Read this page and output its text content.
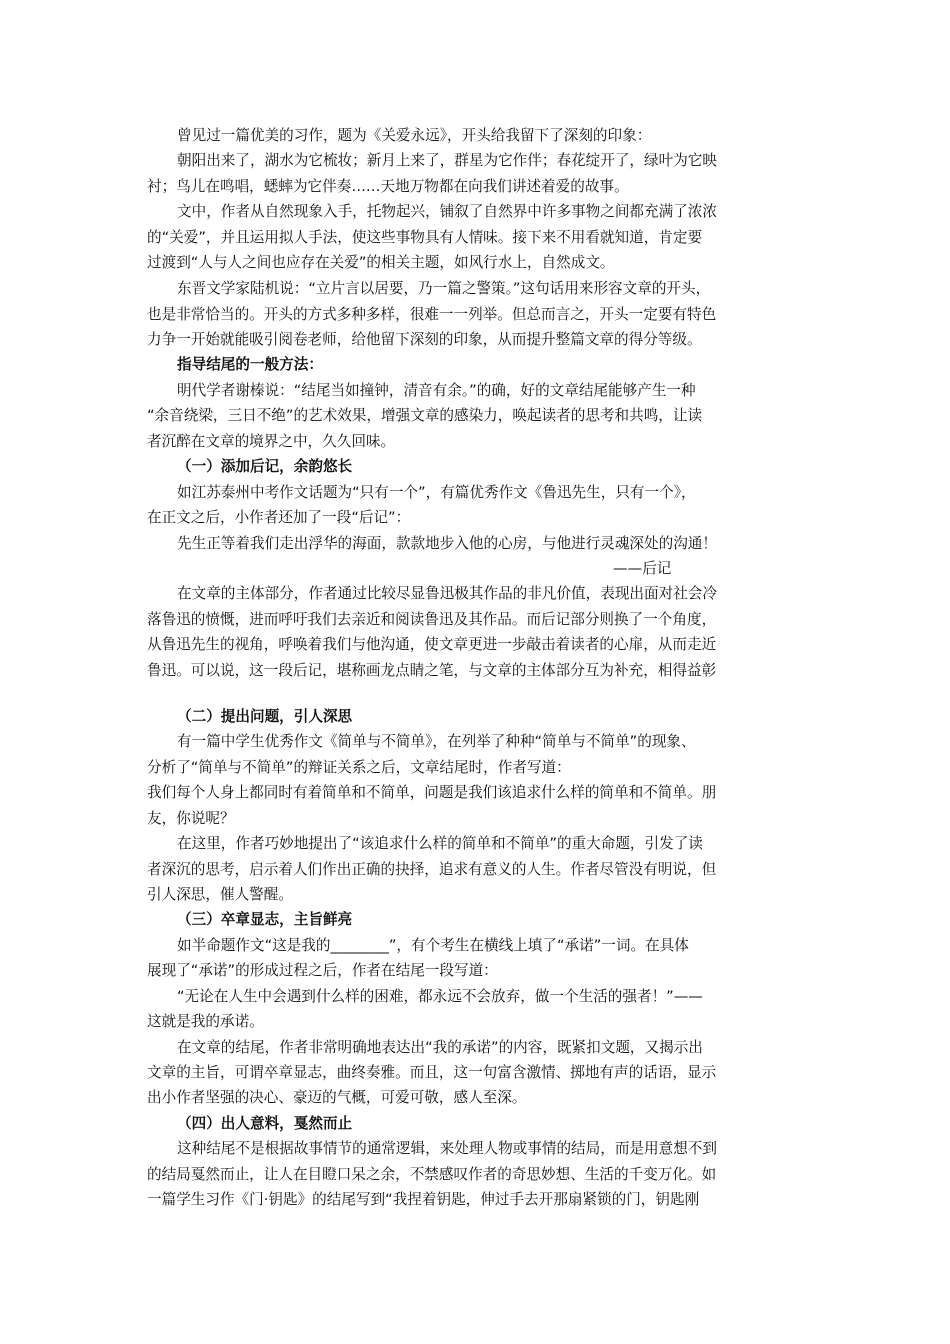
曾见过一篇优美的习作，题为《关爱永远》，开头给我留下了深刻的印象：
朝阳出来了，湖水为它梳妆；新月上来了，群星为它作伴；春花绽开了，绿叶为它映
衬；鸟儿在鸣唱，蟋蟀为它伴奏……天地万物都在向我们讲述着爱的故事。
文中，作者从自然现象入手，托物起兴，铺叙了自然界中许多事物之间都充满了浓浓
的“关爱”，并且运用拟人手法，使这些事物具有人情味。接下来不用看就知道，肯定要
过渡到“人与人之间也应存在关爱”的相关主题，如风行水上，自然成文。
东晋文学家陆机说：“立片言以居要，乃一篇之警策。”这句话用来形容文章的开头，
也是非常恰当的。开头的方式多种多样，很难一一列举。但总而言之，开头一定要有特色
力争一开始就能吸引阅卷老师，给他留下深刻的印象，从而提升整篇文章的得分等级。
指导结尾的一般方法：
明代学者谢榛说：“结尾当如撞钟，清音有余。”的确，好的文章结尾能够产生一种
“余音绕梁，三日不绝”的艺术效果，增强文章的感染力，唤起读者的思考和共鸣，让读
者沉醉在文章的境界之中，久久回味。
（一）添加后记，余韵悠长
如江苏泰州中考作文话题为“只有一个”，有篇优秀作文《鲁迅先生，只有一个》，
在正文之后，小作者还加了一段“后记”：
先生正等着我们走出浮华的海面，款款地步入他的心房，与他进行灵魂深处的沟通！
——后记
在文章的主体部分，作者通过比较尽显鲁迅极其作品的非凡价值，表现出面对社会冷
落鲁迅的愤慨，进而呼吁我们去亲近和阅读鲁迅及其作品。而后记部分则换了一个角度，
从鲁迅先生的视角，呼唤着我们与他沟通，使文章更进一步敲击着读者的心扉，从而走近
鲁迅。可以说，这一段后记，堪称画龙点睛之笔，与文章的主体部分互为补充，相得益彰
（二）提出问题，引人深思
有一篇中学生优秀作文《简单与不简单》，在列举了种种“简单与不简单”的现象、
分析了“简单与不简单”的辩证关系之后，文章结尾时，作者写道：
我们每个人身上都同时有着简单和不简单，问题是我们该追求什么样的简单和不简单。朋
友，你说呢？
在这里，作者巧妙地提出了“该追求什么样的简单和不简单”的重大命题，引发了读
者深沉的思考，启示着人们作出正确的抉择，追求有意义的人生。作者尽管没有明说，但
引人深思，催人警醒。
（三）卒章显志，主旨鲜亮
如半命题作文“这是我的________”，有个考生在横线上填了“承诺”一词。在具体
展现了“承诺”的形成过程之后，作者在结尾一段写道：
“无论在人生中会遇到什么样的困难，都永远不会放弃，做一个生活的强者！”——
这就是我的承诺。
在文章的结尾，作者非常明确地表达出“我的承诺”的内容，既紧扣文题，又揭示出
文章的主旨，可谓卒章显志，曲终奏雅。而且，这一句富含激情、掷地有声的话语，显示
出小作者坚强的决心、豪迈的气概，可爱可敬，感人至深。
（四）出人意料，戛然而止
这种结尾不是根据故事情节的通常逻辑，来处理人物或事情的结局，而是用意想不到
的结局戛然而止，让人在目瞪口呆之余，不禁感叹作者的奇思妙想、生活的千变万化。如
一篇学生习作《门·钥匙》的结尾写到“我捏着钥匙，伸过手去开那扇紧锁的门，钥匙刚
